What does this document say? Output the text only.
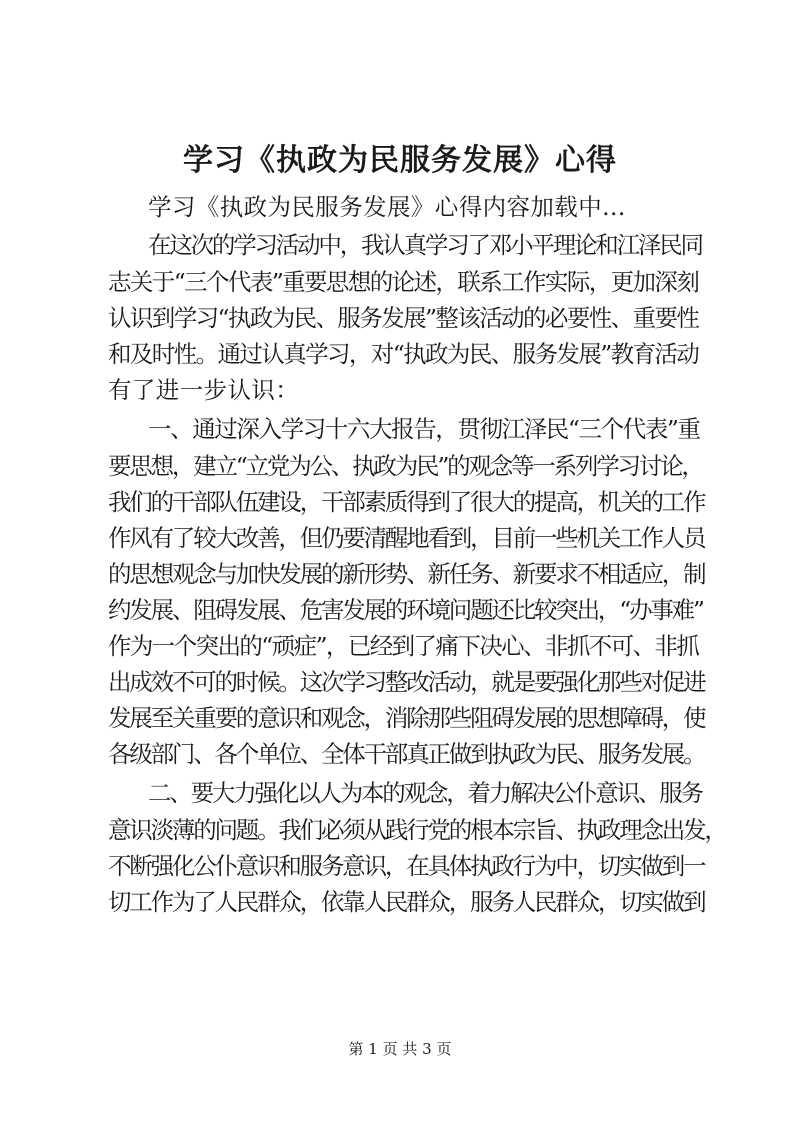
学习《执政为民服务发展》心得
学习《执政为民服务发展》心得内容加载中...
在这次的学习活动中，我认真学习了邓小平理论和江泽民同
志关于“三个代表”重要思想的论述，联系工作实际，更加深刻
认识到学习“执政为民、服务发展”整该活动的必要性、重要性
和及时性。通过认真学习，对“执政为民、服务发展”教育活动
有了进一步认识：
一、通过深入学习十六大报告，贯彻江泽民“三个代表”重
要思想，建立“立党为公、执政为民”的观念等一系列学习讨论，
我们的干部队伍建设，干部素质得到了很大的提高，机关的工作
作风有了较大改善，但仍要清醒地看到，目前一些机关工作人员
的思想观念与加快发展的新形势、新任务、新要求不相适应，制
约发展、阻碍发展、危害发展的环境问题还比较突出，“办事难”
作为一个突出的“顽症”，已经到了痛下决心、非抓不可、非抓
出成效不可的时候。这次学习整改活动，就是要强化那些对促进
发展至关重要的意识和观念，消除那些阻碍发展的思想障碍，使
各级部门、各个单位、全体干部真正做到执政为民、服务发展。
二、要大力强化以人为本的观念，着力解决公仆意识、服务
意识淡薄的问题。我们必须从践行党的根本宗旨、执政理念出发，
不断强化公仆意识和服务意识，在具体执政行为中，切实做到一
切工作为了人民群众，依靠人民群众，服务人民群众，切实做到
第 1 页 共 3 页
